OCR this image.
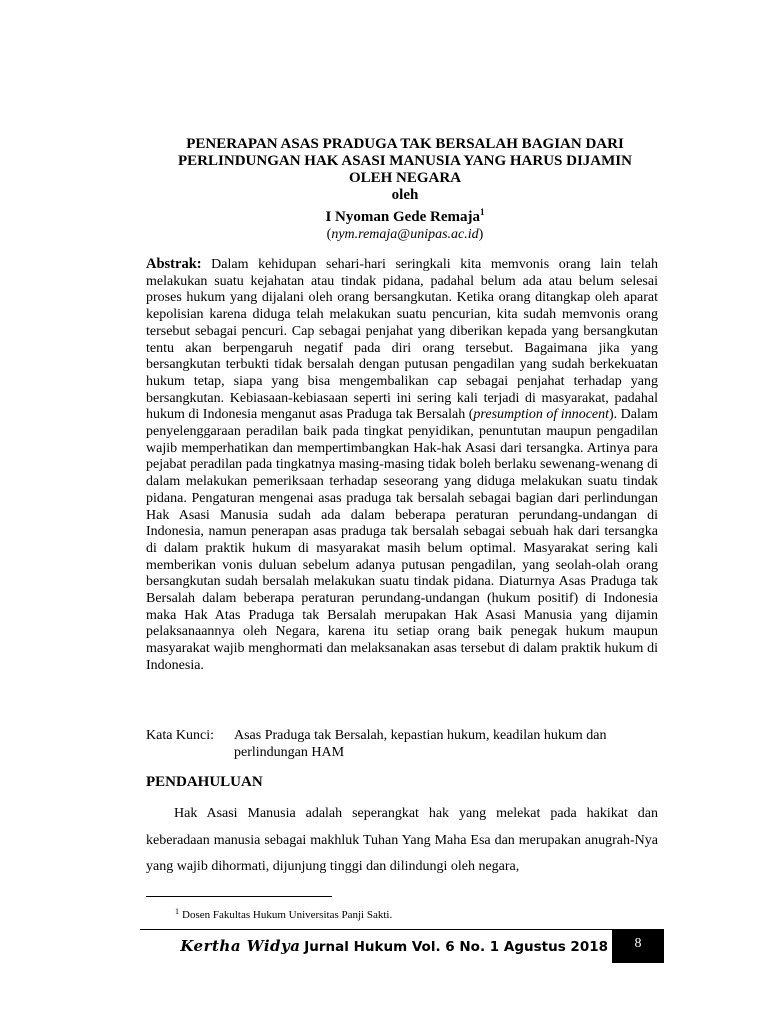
PENERAPAN ASAS PRADUGA TAK BERSALAH BAGIAN DARI
PERLINDUNGAN HAK ASASI MANUSIA YANG HARUS DIJAMIN
OLEH NEGARA
oleh
I Nyoman Gede Remaja$^1$
(nym.remaja@unipas.ac.id)
Abstrak: Dalam kehidupan sehari-hari seringkali kita memvonis orang lain telah melakukan suatu kejahatan atau tindak pidana, padahal belum ada atau belum selesai proses hukum yang dijalani oleh orang bersangkutan. Ketika orang ditangkap oleh aparat kepolisian karena diduga telah melakukan suatu pencurian, kita sudah memvonis orang tersebut sebagai pencuri. Cap sebagai penjahat yang diberikan kepada yang bersangkutan tentu akan berpengaruh negatif pada diri orang tersebut. Bagaimana jika yang bersangkutan terbukti tidak bersalah dengan putusan pengadilan yang sudah berkekuatan hukum tetap, siapa yang bisa mengembalikan cap sebagai penjahat terhadap yang bersangkutan. Kebiasaan-kebiasaan seperti ini sering kali terjadi di masyarakat, padahal hukum di Indonesia menganut asas Praduga tak Bersalah (presumption of innocent). Dalam penyelenggaraan peradilan baik pada tingkat penyidikan, penuntutan maupun pengadilan wajib memperhatikan dan mempertimbangkan Hak-hak Asasi dari tersangka. Artinya para pejabat peradilan pada tingkatnya masing-masing tidak boleh berlaku sewenang-wenang di dalam melakukan pemeriksaan terhadap seseorang yang diduga melakukan suatu tindak pidana. Pengaturan mengenai asas praduga tak bersalah sebagai bagian dari perlindungan Hak Asasi Manusia sudah ada dalam beberapa peraturan perundang-undangan di Indonesia, namun penerapan asas praduga tak bersalah sebagai sebuah hak dari tersangka di dalam praktik hukum di masyarakat masih belum optimal. Masyarakat sering kali memberikan vonis duluan sebelum adanya putusan pengadilan, yang seolah-olah orang bersangkutan sudah bersalah melakukan suatu tindak pidana. Diaturnya Asas Praduga tak Bersalah dalam beberapa peraturan perundang-undangan (hukum positif) di Indonesia maka Hak Atas Praduga tak Bersalah merupakan Hak Asasi Manusia yang dijamin pelaksanaannya oleh Negara, karena itu setiap orang baik penegak hukum maupun masyarakat wajib menghormati dan melaksanakan asas tersebut di dalam praktik hukum di Indonesia.
Kata Kunci:	Asas Praduga tak Bersalah, kepastian hukum, keadilan hukum dan
perlindungan HAM
PENDAHULUAN
Hak Asasi Manusia adalah seperangkat hak yang melekat pada hakikat dan keberadaan manusia sebagai makhluk Tuhan Yang Maha Esa dan merupakan anugrah-Nya yang wajib dihormati, dijunjung tinggi dan dilindungi oleh negara,
$^1$ Dosen Fakultas Hukum Universitas Panji Sakti.
Kertha Widya Jurnal Hukum Vol. 6 No. 1 Agustus 2018	8
